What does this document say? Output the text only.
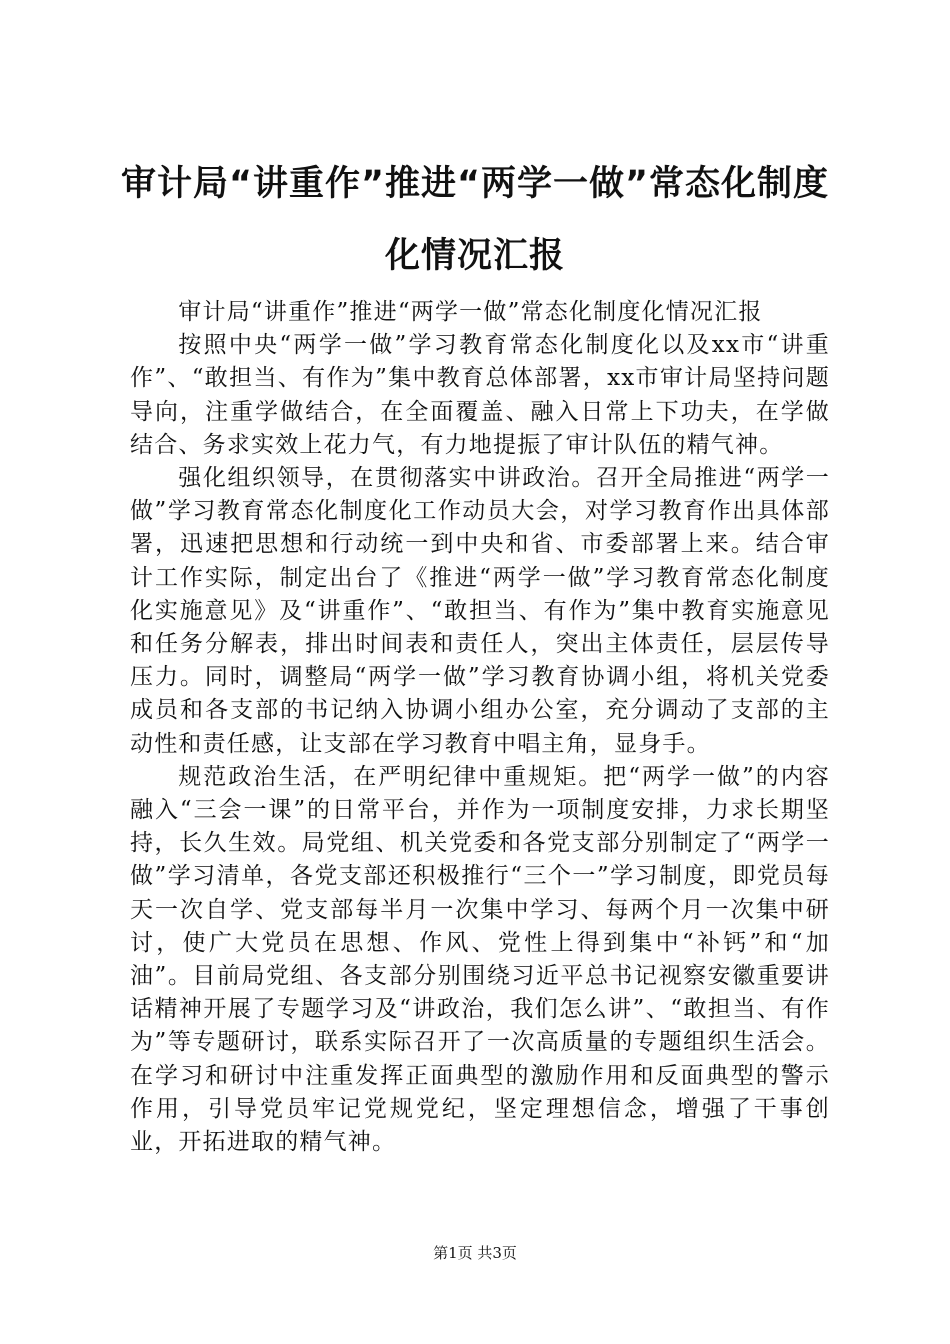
审计局“讲重作”推进“两学一做”常态化制度化情况汇报

审计局“讲重作”推进“两学一做”常态化制度化情况汇报

按照中央“两学一做”学习教育常态化制度化以及xx市“讲重作”、“敢担当、有作为”集中教育总体部署，xx市审计局坚持问题导向，注重学做结合，在全面覆盖、融入日常上下功夫，在学做结合、务求实效上花力气，有力地提振了审计队伍的精气神。

强化组织领导，在贯彻落实中讲政治。召开全局推进“两学一做”学习教育常态化制度化工作动员大会，对学习教育作出具体部署，迅速把思想和行动统一到中央和省、市委部署上来。结合审计工作实际，制定出台了《推进“两学一做”学习教育常态化制度化实施意见》及“讲重作”、“敢担当、有作为”集中教育实施意见和任务分解表，排出时间表和责任人，突出主体责任，层层传导压力。同时，调整局“两学一做”学习教育协调小组，将机关党委成员和各支部的书记纳入协调小组办公室，充分调动了支部的主动性和责任感，让支部在学习教育中唱主角，显身手。

规范政治生活，在严明纪律中重规矩。把“两学一做”的内容融入“三会一课”的日常平台，并作为一项制度安排，力求长期坚持，长久生效。局党组、机关党委和各党支部分别制定了“两学一做”学习清单，各党支部还积极推行“三个一”学习制度，即党员每天一次自学、党支部每半月一次集中学习、每两个月一次集中研讨，使广大党员在思想、作风、党性上得到集中“补钙”和“加油”。目前局党组、各支部分别围绕习近平总书记视察安徽重要讲话精神开展了专题学习及“讲政治，我们怎么讲”、“敢担当、有作为”等专题研讨，联系实际召开了一次高质量的专题组织生活会。在学习和研讨中注重发挥正面典型的激励作用和反面典型的警示作用，引导党员牢记党规党纪，坚定理想信念，增强了干事创业，开拓进取的精气神。

第1页 共3页
